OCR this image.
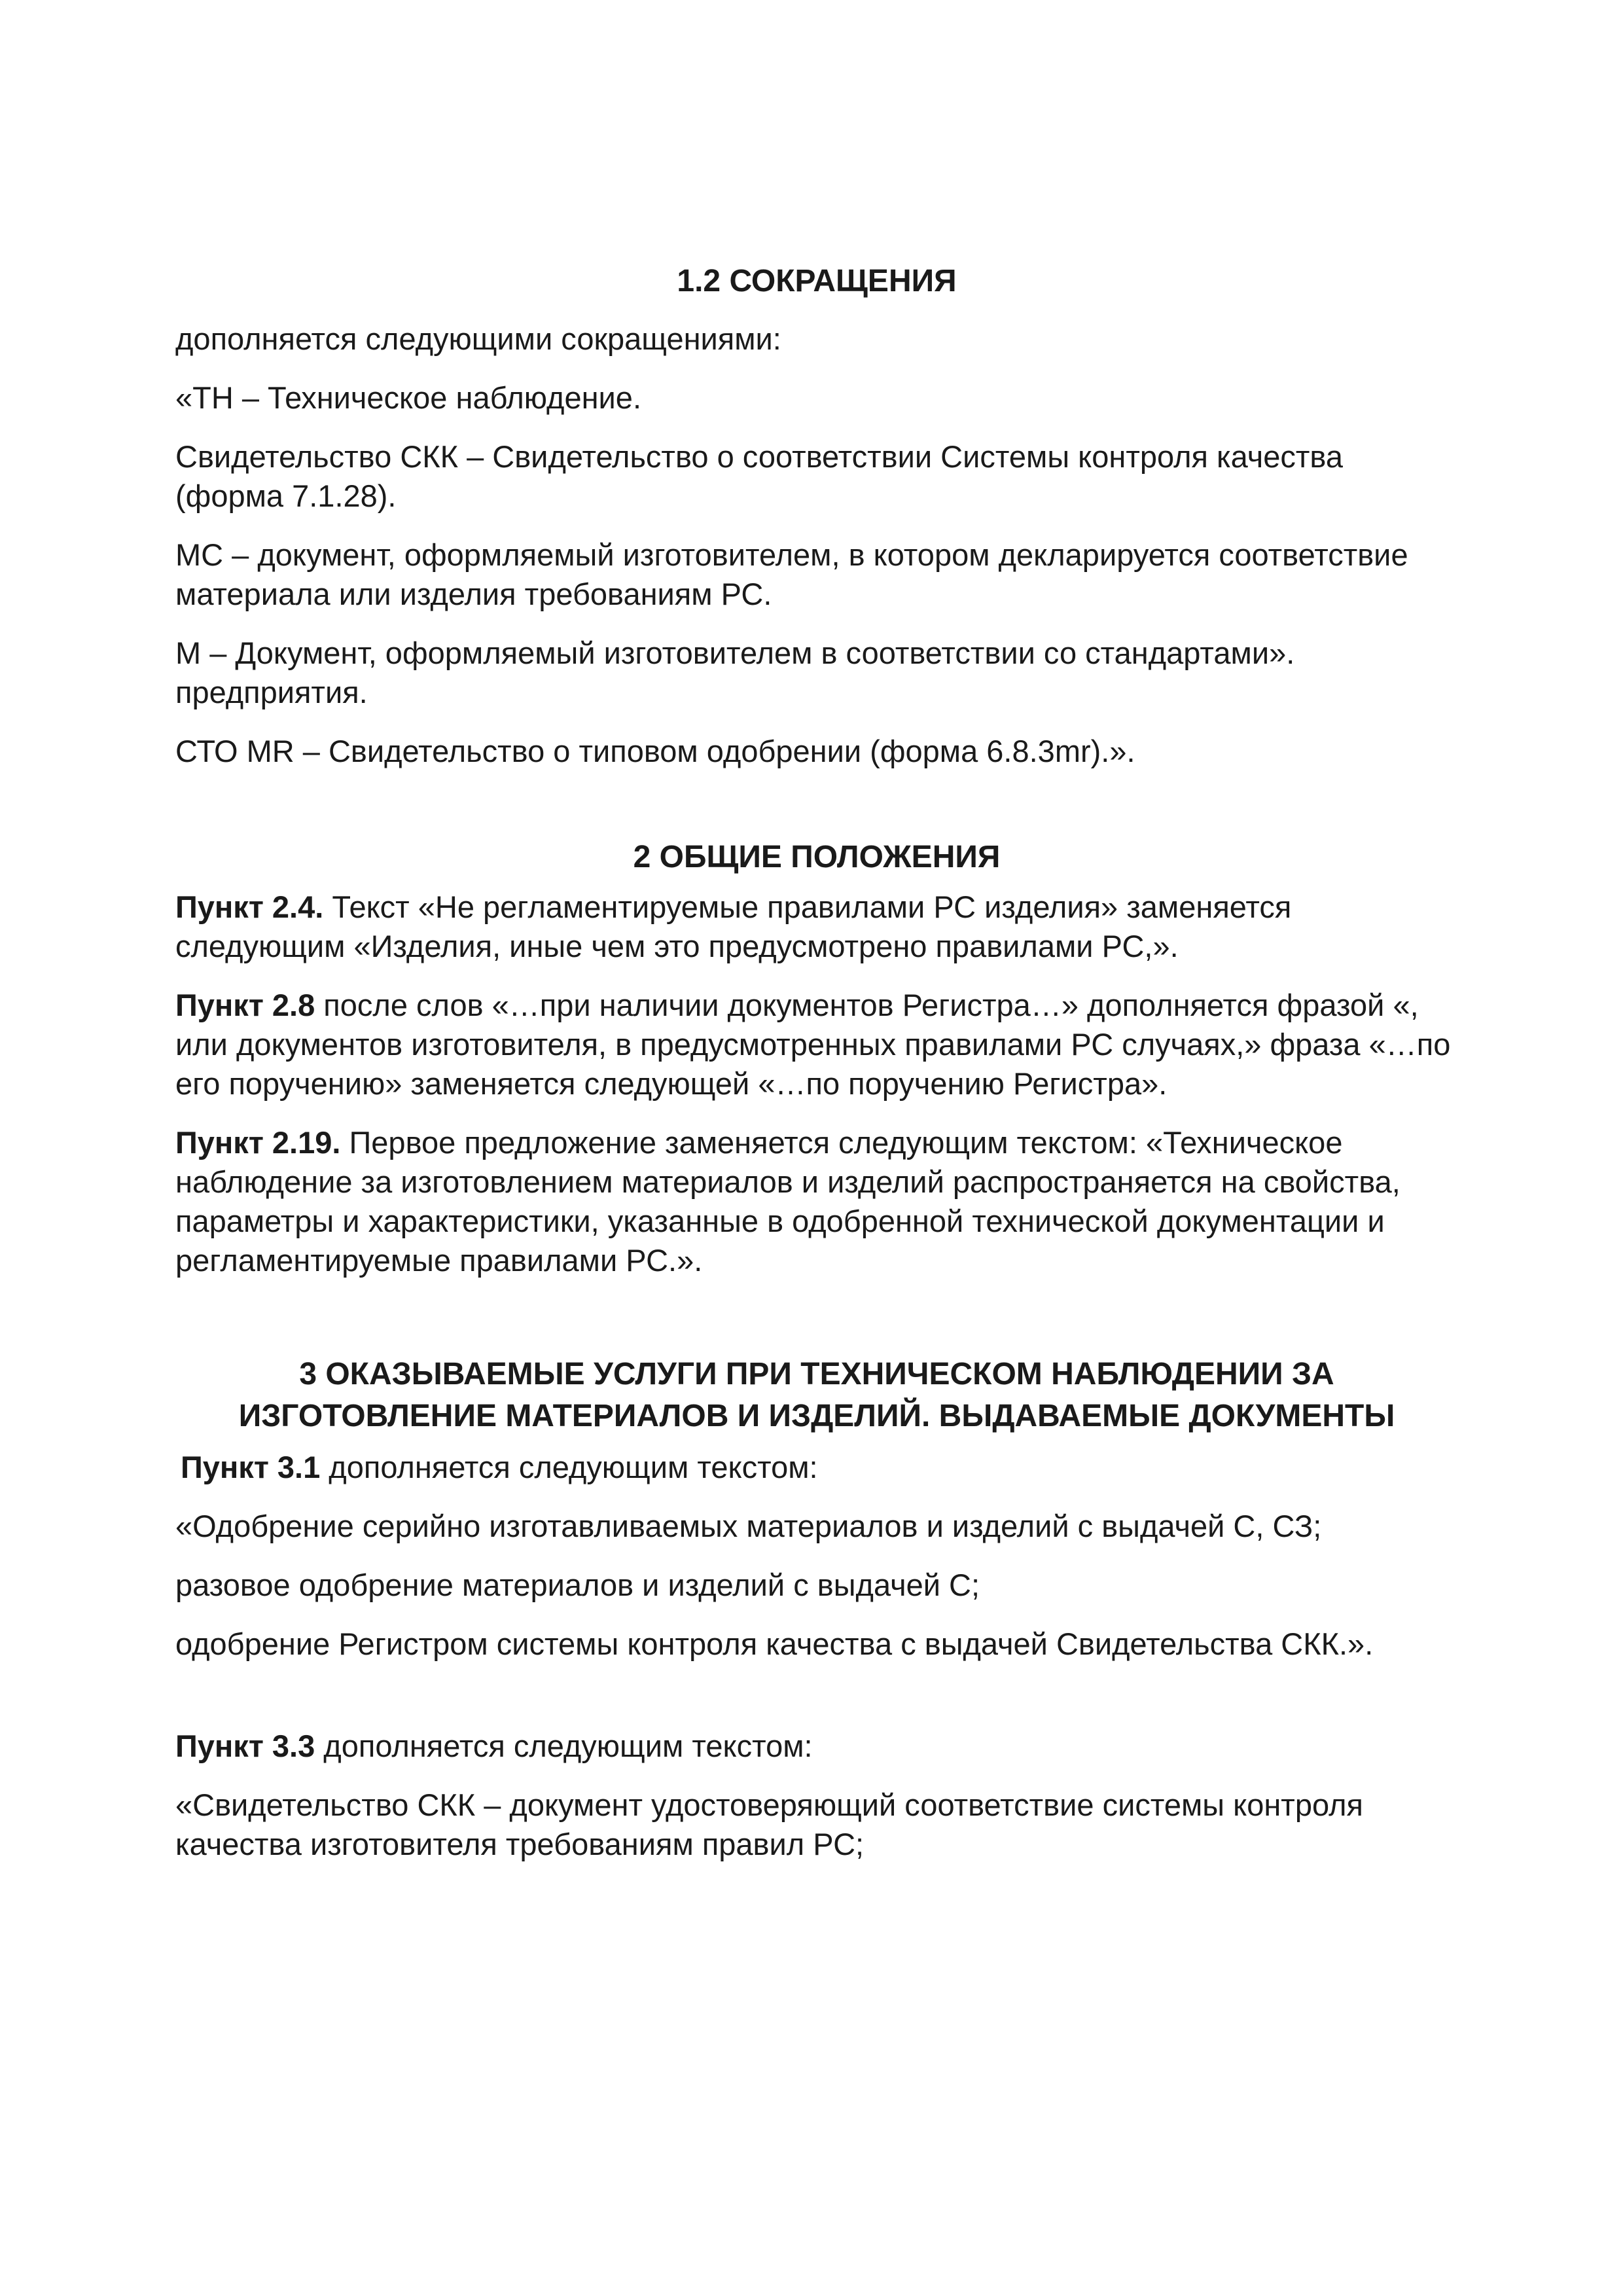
1.2 СОКРАЩЕНИЯ

дополняется следующими сокращениями:

«ТН – Техническое наблюдение.

Свидетельство СКК – Свидетельство о соответствии Системы контроля качества (форма 7.1.28).

МС – документ, оформляемый изготовителем, в котором декларируется соответствие материала или изделия требованиям РС.

М – Документ, оформляемый изготовителем в соответствии со стандартами». предприятия.

СТО MR – Свидетельство о типовом одобрении (форма 6.8.3mr).».

2 ОБЩИЕ ПОЛОЖЕНИЯ

Пункт 2.4. Текст «Не регламентируемые правилами РС изделия» заменяется следующим «Изделия, иные чем это предусмотрено правилами РС,».

Пункт 2.8 после слов «…при наличии документов Регистра…» дополняется фразой «, или документов изготовителя, в предусмотренных правилами РС случаях,» фраза «…по его поручению» заменяется следующей «…по поручению Регистра».

Пункт 2.19. Первое предложение заменяется следующим текстом: «Техническое наблюдение за изготовлением материалов и изделий распространяется на свойства, параметры и характеристики, указанные в одобренной технической документации и регламентируемые правилами РС.».

3 ОКАЗЫВАЕМЫЕ УСЛУГИ ПРИ ТЕХНИЧЕСКОМ НАБЛЮДЕНИИ ЗА
ИЗГОТОВЛЕНИЕ МАТЕРИАЛОВ И ИЗДЕЛИЙ. ВЫДАВАЕМЫЕ ДОКУМЕНТЫ

Пункт 3.1 дополняется следующим текстом:

«Одобрение серийно изготавливаемых материалов и изделий с выдачей С, СЗ;

разовое одобрение материалов и изделий с выдачей С;

одобрение Регистром системы контроля качества с выдачей Свидетельства СКК.».

Пункт 3.3 дополняется следующим текстом:

«Свидетельство СКК – документ удостоверяющий соответствие системы контроля качества изготовителя требованиям правил РС;
